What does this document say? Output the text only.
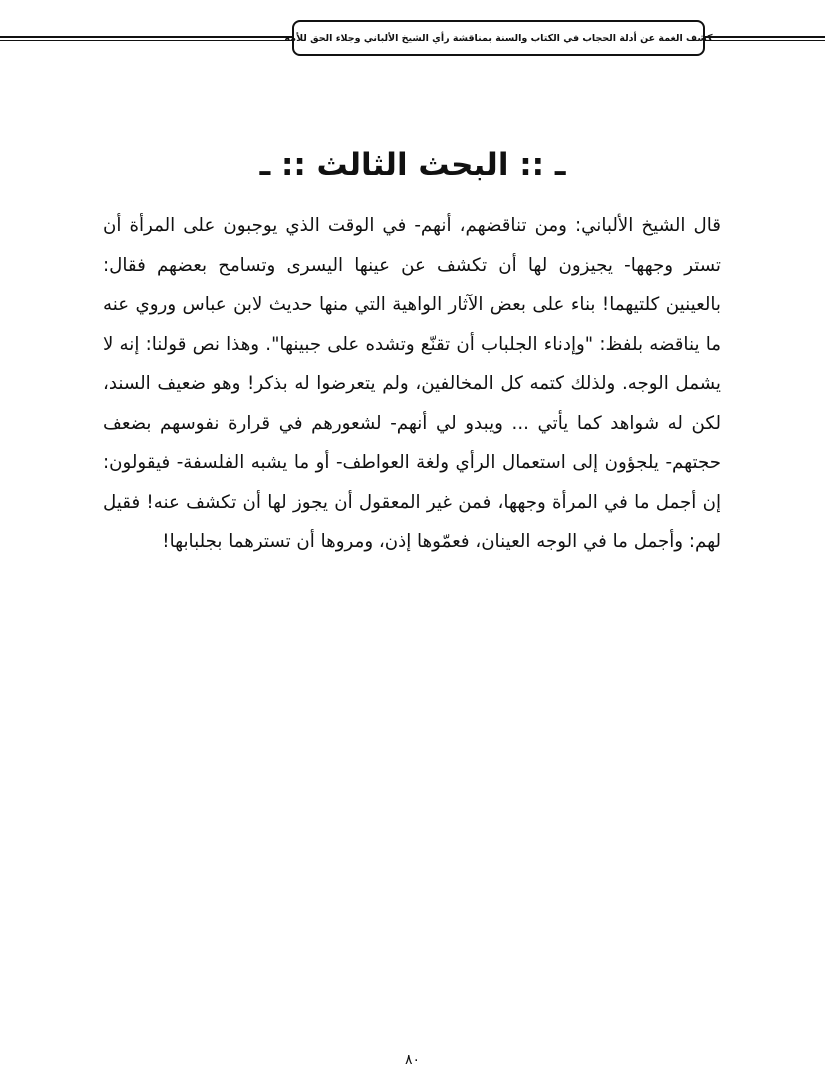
كشف الغمة عن أدلة الحجاب في الكتاب والسنة بمناقشة رأي الشيخ الألباني وجلاء الحق للأمة
ـ :: البحث الثالث :: ـ

قال الشيخ الألباني: ومن تناقضهم، أنهم- في الوقت الذي يوجبون على المرأة أن تستر وجهها- يجيزون لها أن تكشف عن عينها اليسرى وتسامح بعضهم فقال: بالعينين كلتيهما! بناء على بعض الآثار الواهية التي منها حديث لابن عباس وروي عنه ما يناقضه بلفظ: "وإدناء الجلباب أن تقنّع وتشده على جبينها". وهذا نص قولنا: إنه لا يشمل الوجه. ولذلك كتمه كل المخالفين، ولم يتعرضوا له بذكر! وهو ضعيف السند، لكن له شواهد كما يأتي ... ويبدو لي أنهم- لشعورهم في قرارة نفوسهم بضعف حجتهم- يلجؤون إلى استعمال الرأي ولغة العواطف- أو ما يشبه الفلسفة- فيقولون: إن أجمل ما في المرأة وجهها، فمن غير المعقول أن يجوز لها أن تكشف عنه! فقيل لهم: وأجمل ما في الوجه العينان، فعمّوها إذن، ومروها أن تسترهما بجلبابها!

٨٠
